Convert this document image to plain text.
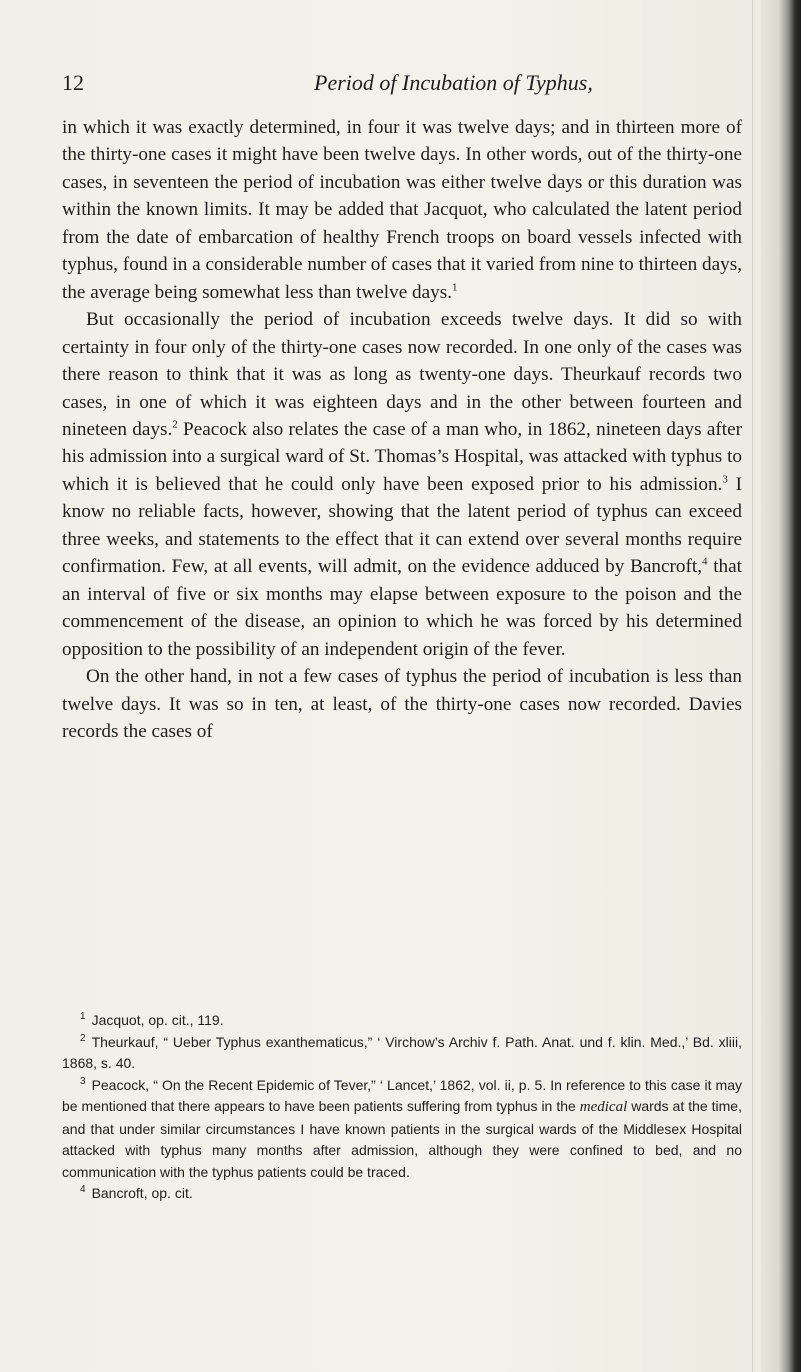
12	Period of Incubation of Typhus,

in which it was exactly determined, in four it was twelve days; and in thirteen more of the thirty-one cases it might have been twelve days. In other words, out of the thirty-one cases, in seventeen the period of incubation was either twelve days or this duration was within the known limits. It may be added that Jacquot, who calculated the latent period from the date of embarcation of healthy French troops on board vessels infected with typhus, found in a considerable number of cases that it varied from nine to thirteen days, the average being somewhat less than twelve days.$^1$

But occasionally the period of incubation exceeds twelve days. It did so with certainty in four only of the thirty-one cases now recorded. In one only of the cases was there reason to think that it was as long as twenty-one days. Theurkauf records two cases, in one of which it was eighteen days and in the other between fourteen and nineteen days.$^2$ Peacock also relates the case of a man who, in 1862, nineteen days after his admission into a surgical ward of St. Thomas’s Hospital, was attacked with typhus to which it is believed that he could only have been exposed prior to his admission.$^3$ I know no reliable facts, however, showing that the latent period of typhus can exceed three weeks, and statements to the effect that it can extend over several months require confirmation. Few, at all events, will admit, on the evidence adduced by Bancroft,$^4$ that an interval of five or six months may elapse between exposure to the poison and the commencement of the disease, an opinion to which he was forced by his determined opposition to the possibility of an independent origin of the fever.

On the other hand, in not a few cases of typhus the period of incubation is less than twelve days. It was so in ten, at least, of the thirty-one cases now recorded. Davies records the cases of

$^1$ Jacquot, op. cit., 119.

$^2$ Theurkauf, “ Ueber Typhus exanthematicus,” ‘ Virchow’s Archiv f. Path. Anat. und f. klin. Med.,’ Bd. xliii, 1868, s. 40.

$^3$ Peacock, “ On the Recent Epidemic of Tever,” ‘ Lancet,’ 1862, vol. ii, p. 5. In reference to this case it may be mentioned that there appears to have been patients suffering from typhus in the medical wards at the time, and that under similar circumstances I have known patients in the surgical wards of the Middlesex Hospital attacked with typhus many months after admission, although they were confined to bed, and no communication with the typhus patients could be traced.

$^4$ Bancroft, op. cit.
